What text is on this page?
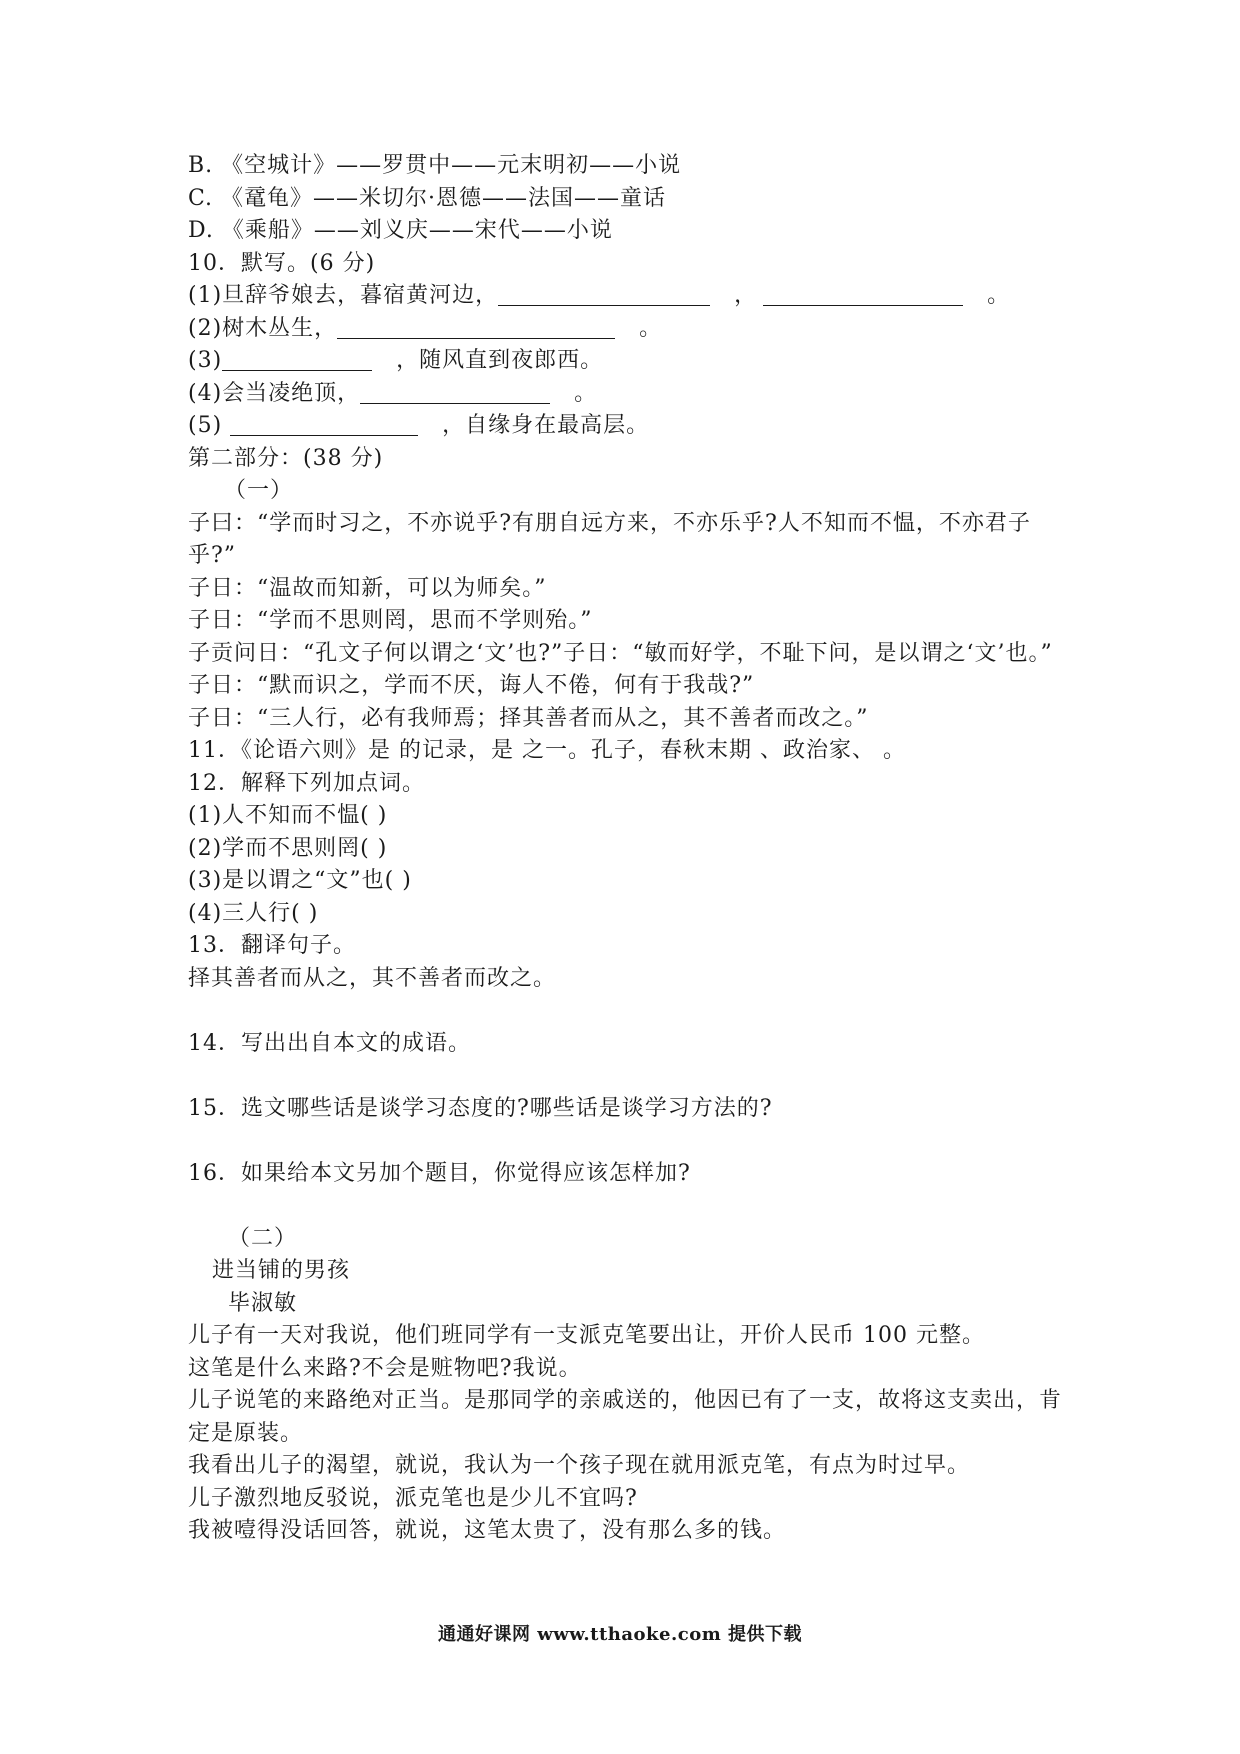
B. 《空城计》——罗贯中——元末明初——小说
C. 《鼋龟》——米切尔·恩德——法国——童话
D. 《乘船》——刘义庆——宋代——小说
10．默写。(6 分)
(1)旦辞爷娘去，暮宿黄河边，	，	。
(2)树木丛生，	。
(3)	，随风直到夜郎西。
(4)会当凌绝顶，	。
(5)	，自缘身在最高层。
第二部分：(38 分)
（一）
子曰：“学而时习之，不亦说乎?有朋自远方来，不亦乐乎?人不知而不愠，不亦君子乎?”
子日：“温故而知新，可以为师矣。”
子日：“学而不思则罔，思而不学则殆。”
子贡问日：“孔文子何以谓之‘文’也?”子日：“敏而好学，不耻下问，是以谓之‘文’也。”
子日：“默而识之，学而不厌，诲人不倦，何有于我哉?”
子日：“三人行，必有我师焉；择其善者而从之，其不善者而改之。”
11．《论语六则》是 的记录，是 之一。孔子，春秋末期 、政治家、 。
12．解释下列加点词。
(1)人不知而不愠( )
(2)学而不思则罔( )
(3)是以谓之“文”也( )
(4)三人行( )
13．翻译句子。
择其善者而从之，其不善者而改之。
14．写出出自本文的成语。
15．选文哪些话是谈学习态度的?哪些话是谈学习方法的?
16．如果给本文另加个题目，你觉得应该怎样加?
（二）
进当铺的男孩
毕淑敏
儿子有一天对我说，他们班同学有一支派克笔要出让，开价人民币 100 元整。
这笔是什么来路?不会是赃物吧?我说。
儿子说笔的来路绝对正当。是那同学的亲戚送的，他因已有了一支，故将这支卖出，肯定是原装。
我看出儿子的渴望，就说，我认为一个孩子现在就用派克笔，有点为时过早。
儿子激烈地反驳说，派克笔也是少儿不宜吗?
我被噎得没话回答，就说，这笔太贵了，没有那么多的钱。
通通好课网 www.tthaoke.com 提供下载
